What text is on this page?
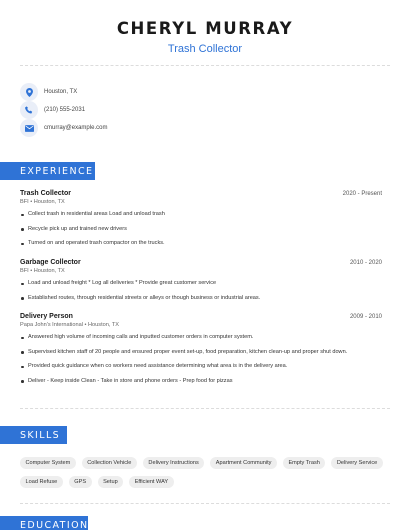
CHERYL MURRAY
Trash Collector
Houston, TX
(210) 555-2031
cmurray@example.com
EXPERIENCE
Trash Collector	2020 - Present
BFI • Houston, TX
Collect trash in residential areas Load and unload trash
Recycle pick up and trained new drivers
Turned on and operated trash compactor on the trucks.
Garbage Collector	2010 - 2020
BFI • Houston, TX
Load and unload freight * Log all deliveries * Provide great customer service
Established routes, through residential streets or alleys or though business or industrial areas.
Delivery Person	2009 - 2010
Papa John's International • Houston, TX
Answered high volume of incoming calls and inputted customer orders in computer system.
Supervised kitchen staff of 20 people and ensured proper event set-up, food preparation, kitchen clean-up and proper shut down.
Provided quick guidance when co workers need assistance determining what area is in the delivery area.
Deliver - Keep inside Clean - Take in store and phone orders - Prep food for pizzas
SKILLS
Computer System	Collection Vehicle	Delivery Instructions	Apartment Community	Empty Trash	Delivery Service
Load Refuse	GPS	Setup	Efficient WAY
EDUCATION
